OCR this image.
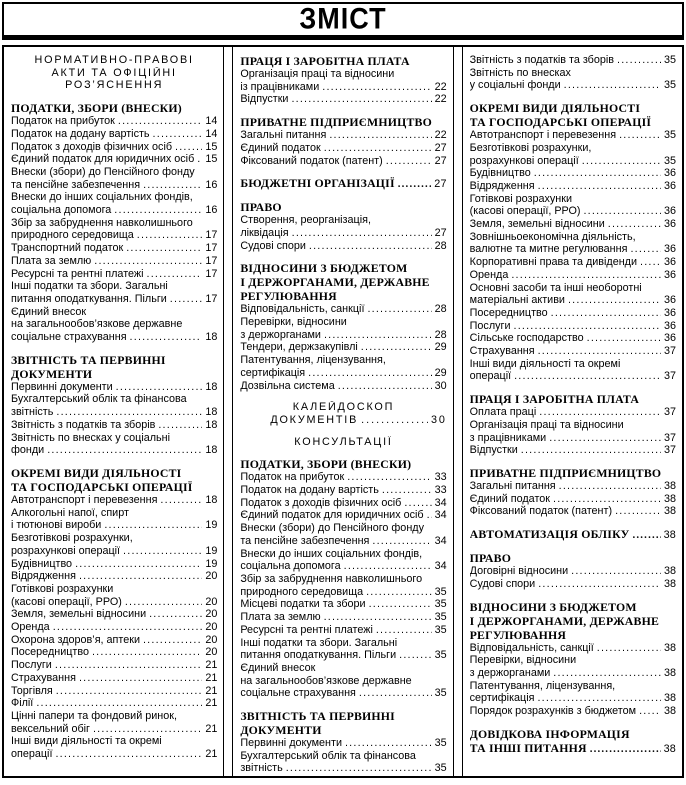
ЗМІСТ
НОРМАТИВНО-ПРАВОВІ
АКТИ ТА ОФІЦІЙНІ
РОЗ’ЯСНЕННЯ
ПОДАТКИ, ЗБОРИ (ВНЕСКИ)
Податок на прибуток .....	14
Податок на додану вартість .....	14
Податок з доходів фізичних осіб .....	15
Єдиний податок для юридичних осіб ..... 15
Внески (збори) до Пенсійного фонду
та пенсійне забезпечення .....	16
Внески до інших соціальних фондів,
соціальна допомога .....	16
Збір за забруднення навколишнього
природного середовища .....	17
Транспортний податок .....	17
Плата за землю .....	17
Ресурсні та рентні платежі .....	17
Інші податки та збори. Загальні
питання оподаткування. Пільги .....	17
Єдиний внесок
на загальнообов’язкове державне
соціальне страхування .....	18
ЗВІТНІСТЬ ТА ПЕРВИННІ
ДОКУМЕНТИ
Первинні документи .....	18
Бухгалтерський облік та фінансова
звітність .....	18
Звітність з податків та зборів .....	18
Звітність по внесках у соціальні
фонди .....	18
ОКРЕМІ ВИДИ ДІЯЛЬНОСТІ
ТА ГОСПОДАРСЬКІ ОПЕРАЦІЇ
Автотранспорт і перевезення .....	18
Алкогольні напої, спирт
і тютюнові вироби .....	19
Безготівкові розрахунки,
розрахункові операції .....	19
Будівництво .....	19
Відрядження .....	20
Готівкові розрахунки
(касові операції, РРО) .....	20
Земля, земельні відносини .....	20
Оренда .....	20
Охорона здоров’я, аптеки .....	20
Посередництво .....	20
Послуги .....	21
Страхування .....	21
Торгівля .....	21
Філії .....	21
Цінні папери та фондовий ринок,
вексельний обіг .....	21
Інші види діяльності та окремі
операції .....	21
ПРАЦЯ І ЗАРОБІТНА ПЛАТА
Організація праці та відносини
із працівниками .....	22
Відпустки .....	22
ПРИВАТНЕ ПІДПРИЄМНИЦТВО
Загальні питання .....	22
Єдиний податок .....	27
Фіксований податок (патент) .....	27
БЮДЖЕТНІ ОРГАНІЗАЦІЇ .....	27
ПРАВО
Створення, реорганізація,
ліквідація .....	27
Судові спори .....	28
ВІДНОСИНИ З БЮДЖЕТОМ
І ДЕРЖОРГАНАМИ, ДЕРЖАВНЕ
РЕГУЛЮВАННЯ
Відповідальність, санкції .....	28
Перевірки, відносини
з держорганами .....	28
Тендери, держзакупівлі .....	29
Патентування, ліцензування,
сертифікація .....	29
Дозвільна система .....	30
КАЛЕЙДОСКОП
ДОКУМЕНТІВ .....	30
КОНСУЛЬТАЦІЇ
ПОДАТКИ, ЗБОРИ (ВНЕСКИ)
Податок на прибуток .....	33
Податок на додану вартість .....	33
Податок з доходів фізичних осіб .....	34
Єдиний податок для юридичних осіб ..... 34
Внески (збори) до Пенсійного фонду
та пенсійне забезпечення .....	34
Внески до інших соціальних фондів,
соціальна допомога .....	34
Збір за забруднення навколишнього
природного середовища .....	35
Місцеві податки та збори .....	35
Плата за землю .....	35
Ресурсні та рентні платежі .....	35
Інші податки та збори. Загальні
питання оподаткування. Пільги .....	35
Єдиний внесок
на загальнообов’язкове державне
соціальне страхування .....	35
ЗВІТНІСТЬ ТА ПЕРВИННІ
ДОКУМЕНТИ
Первинні документи .....	35
Бухгалтерський облік та фінансова
звітність .....	35
Звітність з податків та зборів .....	35
Звітність по внесках
у соціальні фонди .....	35
ОКРЕМІ ВИДИ ДІЯЛЬНОСТІ
ТА ГОСПОДАРСЬКІ ОПЕРАЦІЇ
Автотранспорт і перевезення .....	35
Безготівкові розрахунки,
розрахункові операції .....	35
Будівництво .....	36
Відрядження .....	36
Готівкові розрахунки
(касові операції, РРО) .....	36
Земля, земельні відносини .....	36
Зовнішньоекономічна діяльність,
валютне та митне регулювання .....	36
Корпоративні права та дивіденди ..... 36
Оренда .....	36
Основні засоби та інші необоротні
матеріальні активи .....	36
Посередництво .....	36
Послуги .....	36
Сільське господарство .....	36
Страхування .....	37
Інші види діяльності та окремі
операції .....	37
ПРАЦЯ І ЗАРОБІТНА ПЛАТА
Оплата праці .....	37
Організація праці та відносини
з працівниками .....	37
Відпустки .....	37
ПРИВАТНЕ ПІДПРИЄМНИЦТВО
Загальні питання .....	38
Єдиний податок .....	38
Фіксований податок (патент) .....	38
АВТОМАТИЗАЦІЯ ОБЛІКУ .....	38
ПРАВО
Договірні відносини .....	38
Судові спори .....	38
ВІДНОСИНИ З БЮДЖЕТОМ
І ДЕРЖОРГАНАМИ, ДЕРЖАВНЕ
РЕГУЛЮВАННЯ
Відповідальність, санкції .....	38
Перевірки, відносини
з держорганами .....	38
Патентування, ліцензування,
сертифікація .....	38
Порядок розрахунків з бюджетом .....	38
ДОВІДКОВА ІНФОРМАЦІЯ
ТА ІНШІ ПИТАННЯ .....	38
